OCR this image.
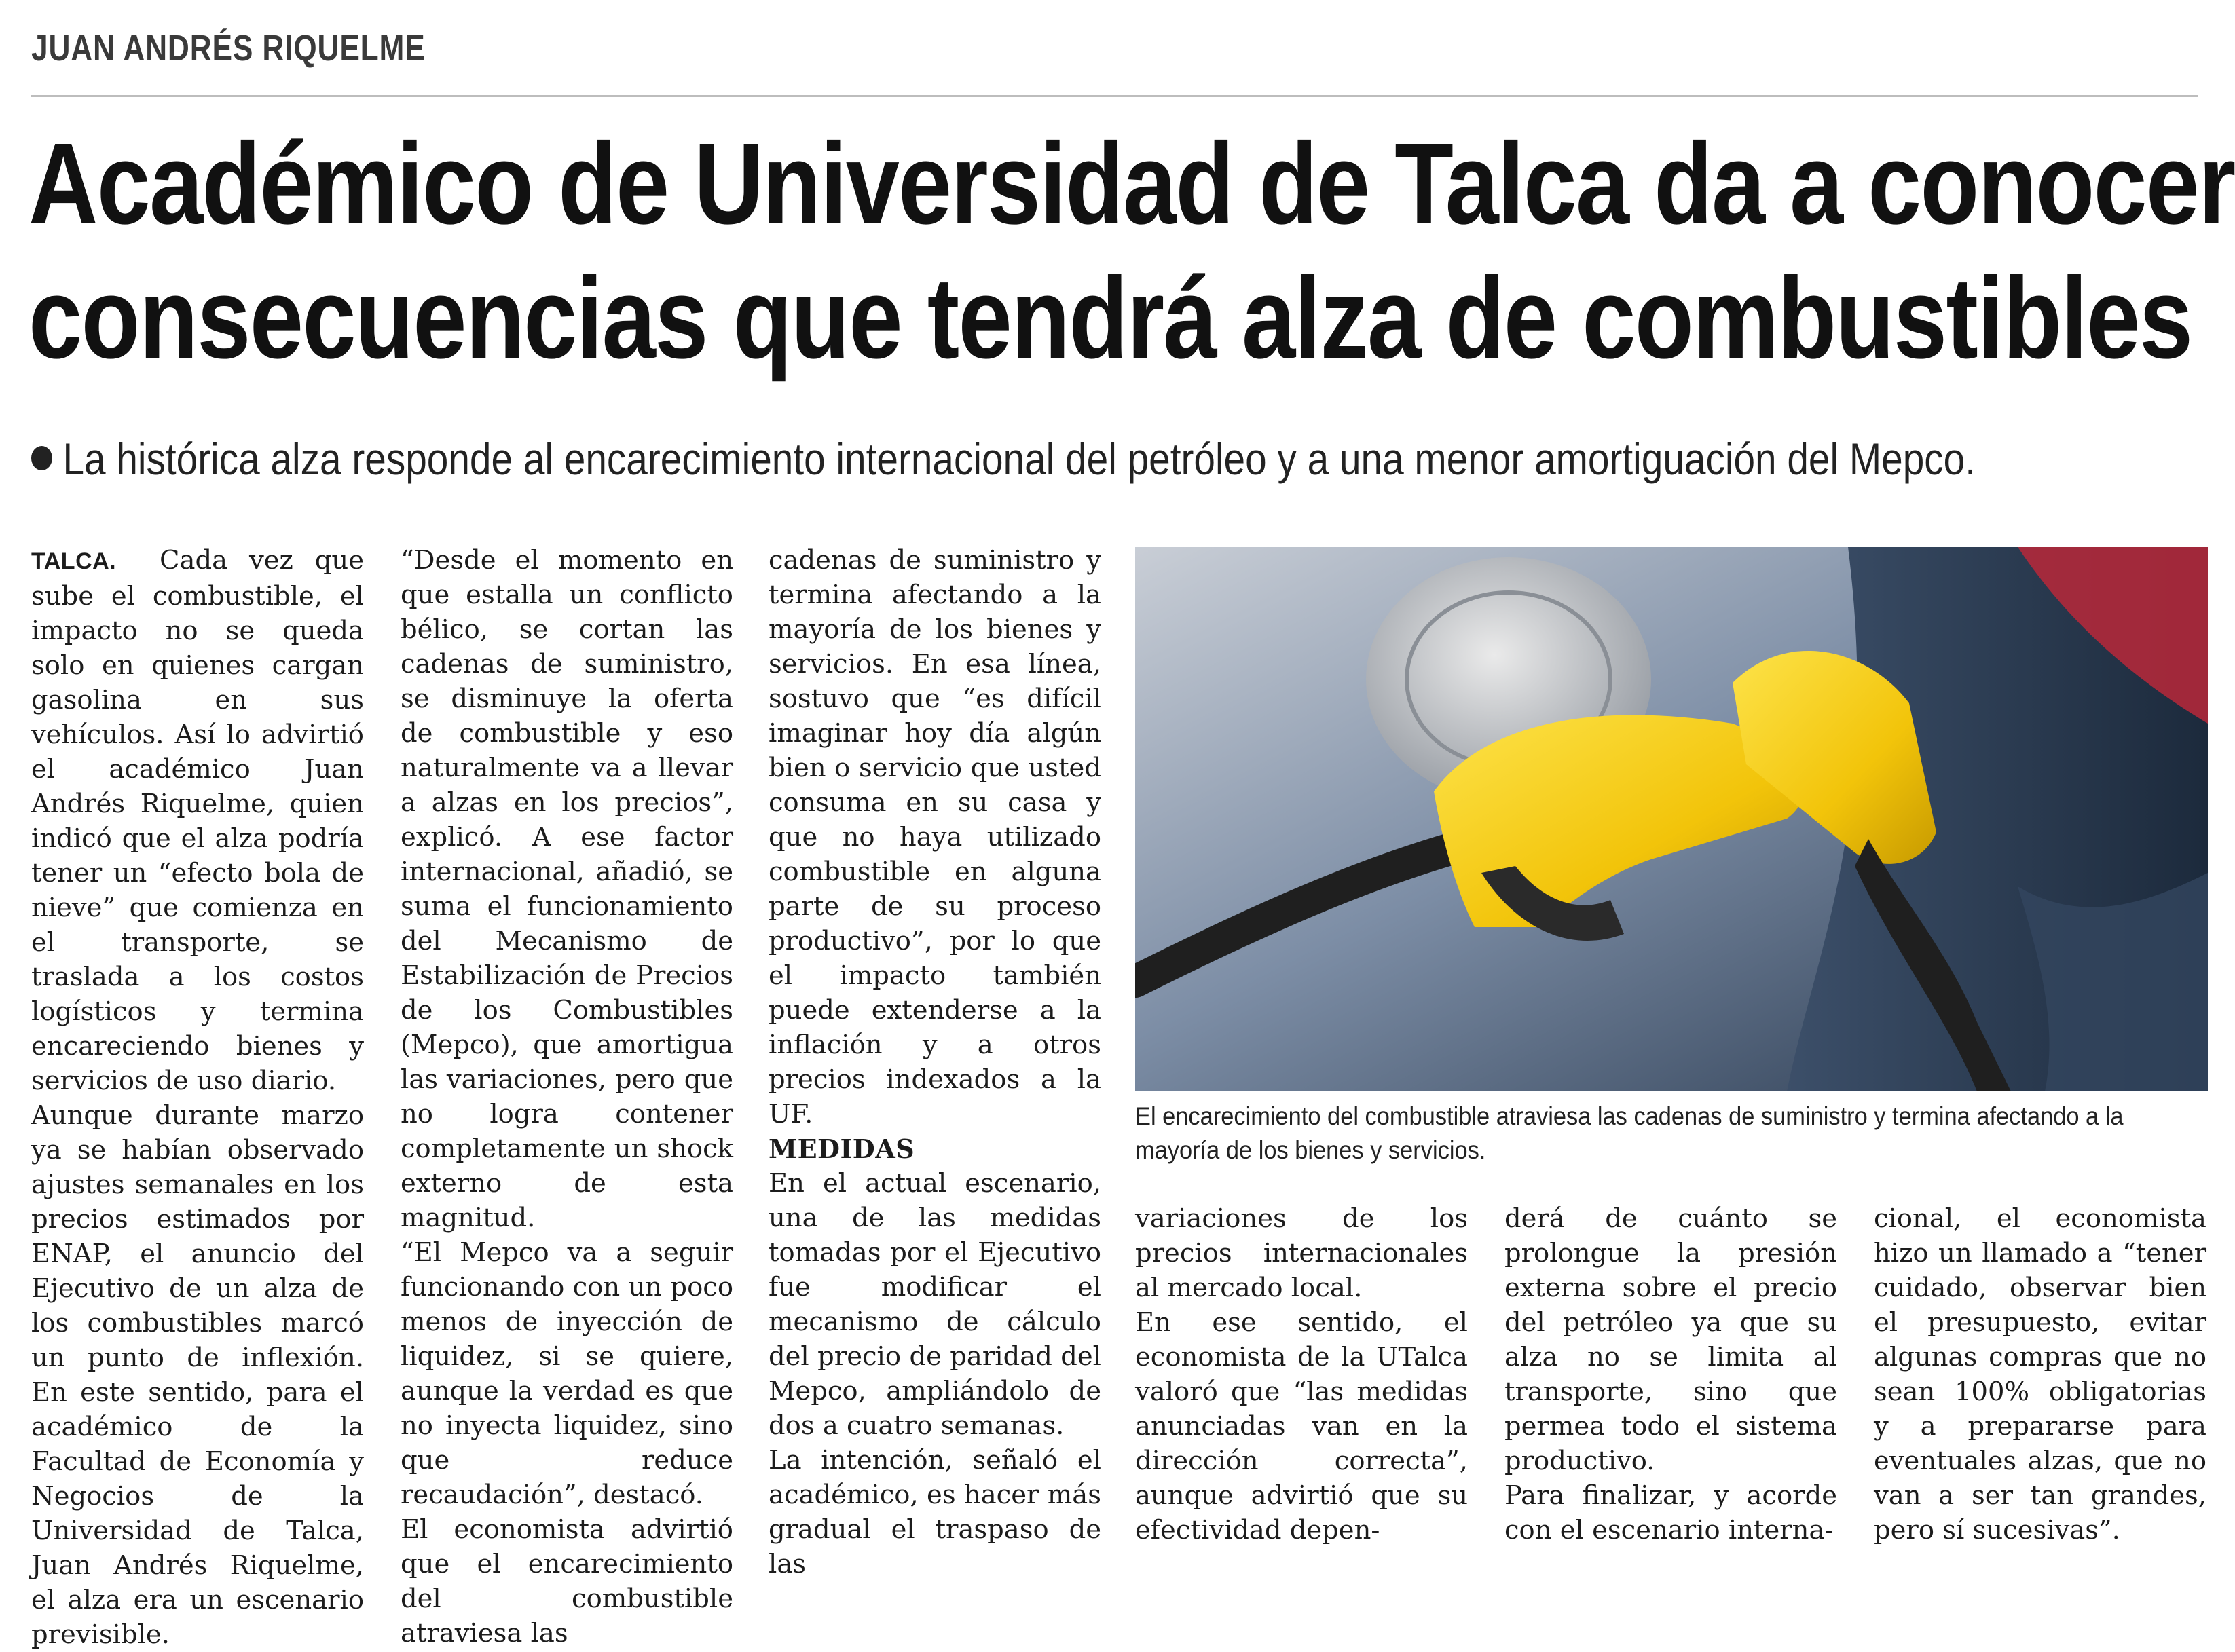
JUAN ANDRÉS RIQUELME
Académico de Universidad de Talca da a conocer
consecuencias que tendrá alza de combustibles
La histórica alza responde al encarecimiento internacional del petróleo y a una menor amortiguación del Mepco.

TALCA. Cada vez que sube el combustible, el impacto no se queda solo en quienes cargan gasolina en sus vehículos. Así lo advirtió el académico Juan Andrés Riquelme, quien indicó que el alza podría tener un “efecto bola de nieve” que comienza en el transporte, se traslada a los costos logísticos y termina encareciendo bienes y servicios de uso diario.

Aunque durante marzo ya se habían observado ajustes semanales en los precios estimados por ENAP, el anuncio del Ejecutivo de un alza de los combustibles marcó un punto de inflexión. En este sentido, para el académico de la Facultad de Economía y Negocios de la Universidad de Talca, Juan Andrés Riquelme, el alza era un escenario previsible.

“Desde el momento en que estalla un conflicto bélico, se cortan las cadenas de suministro, se disminuye la oferta de combustible y eso naturalmente va a llevar a alzas en los precios”, explicó. A ese factor internacional, añadió, se suma el funcionamiento del Mecanismo de Estabilización de Precios de los Combustibles (Mepco), que amortigua las variaciones, pero que no logra contener completamente un shock externo de esta magnitud.

“El Mepco va a seguir funcionando con un poco menos de inyección de liquidez, si se quiere, aunque la verdad es que no inyecta liquidez, sino que reduce recaudación”, destacó.

El economista advirtió que el encarecimiento del combustible atraviesa las

cadenas de suministro y termina afectando a la mayoría de los bienes y servicios. En esa línea, sostuvo que “es difícil imaginar hoy día algún bien o servicio que usted consuma en su casa y que no haya utilizado combustible en alguna parte de su proceso productivo”, por lo que el impacto también puede extenderse a la inflación y a otros precios indexados a la UF.

MEDIDAS

En el actual escenario, una de las medidas tomadas por el Ejecutivo fue modificar el mecanismo de cálculo del precio de paridad del Mepco, ampliándolo de dos a cuatro semanas.

La intención, señaló el académico, es hacer más gradual el traspaso de las

El encarecimiento del combustible atraviesa las cadenas de suministro y termina afectando a la mayoría de los bienes y servicios.

variaciones de los precios internacionales al mercado local.

En ese sentido, el economista de la UTalca valoró que “las medidas anunciadas van en la dirección correcta”, aunque advirtió que su efectividad depen-

derá de cuánto se prolongue la presión externa sobre el precio del petróleo ya que su alza no se limita al transporte, sino que permea todo el sistema productivo.

Para finalizar, y acorde con el escenario interna-

cional, el economista hizo un llamado a “tener cuidado, observar bien el presupuesto, evitar algunas compras que no sean 100% obligatorias y a prepararse para eventuales alzas, que no van a ser tan grandes, pero sí sucesivas”.
